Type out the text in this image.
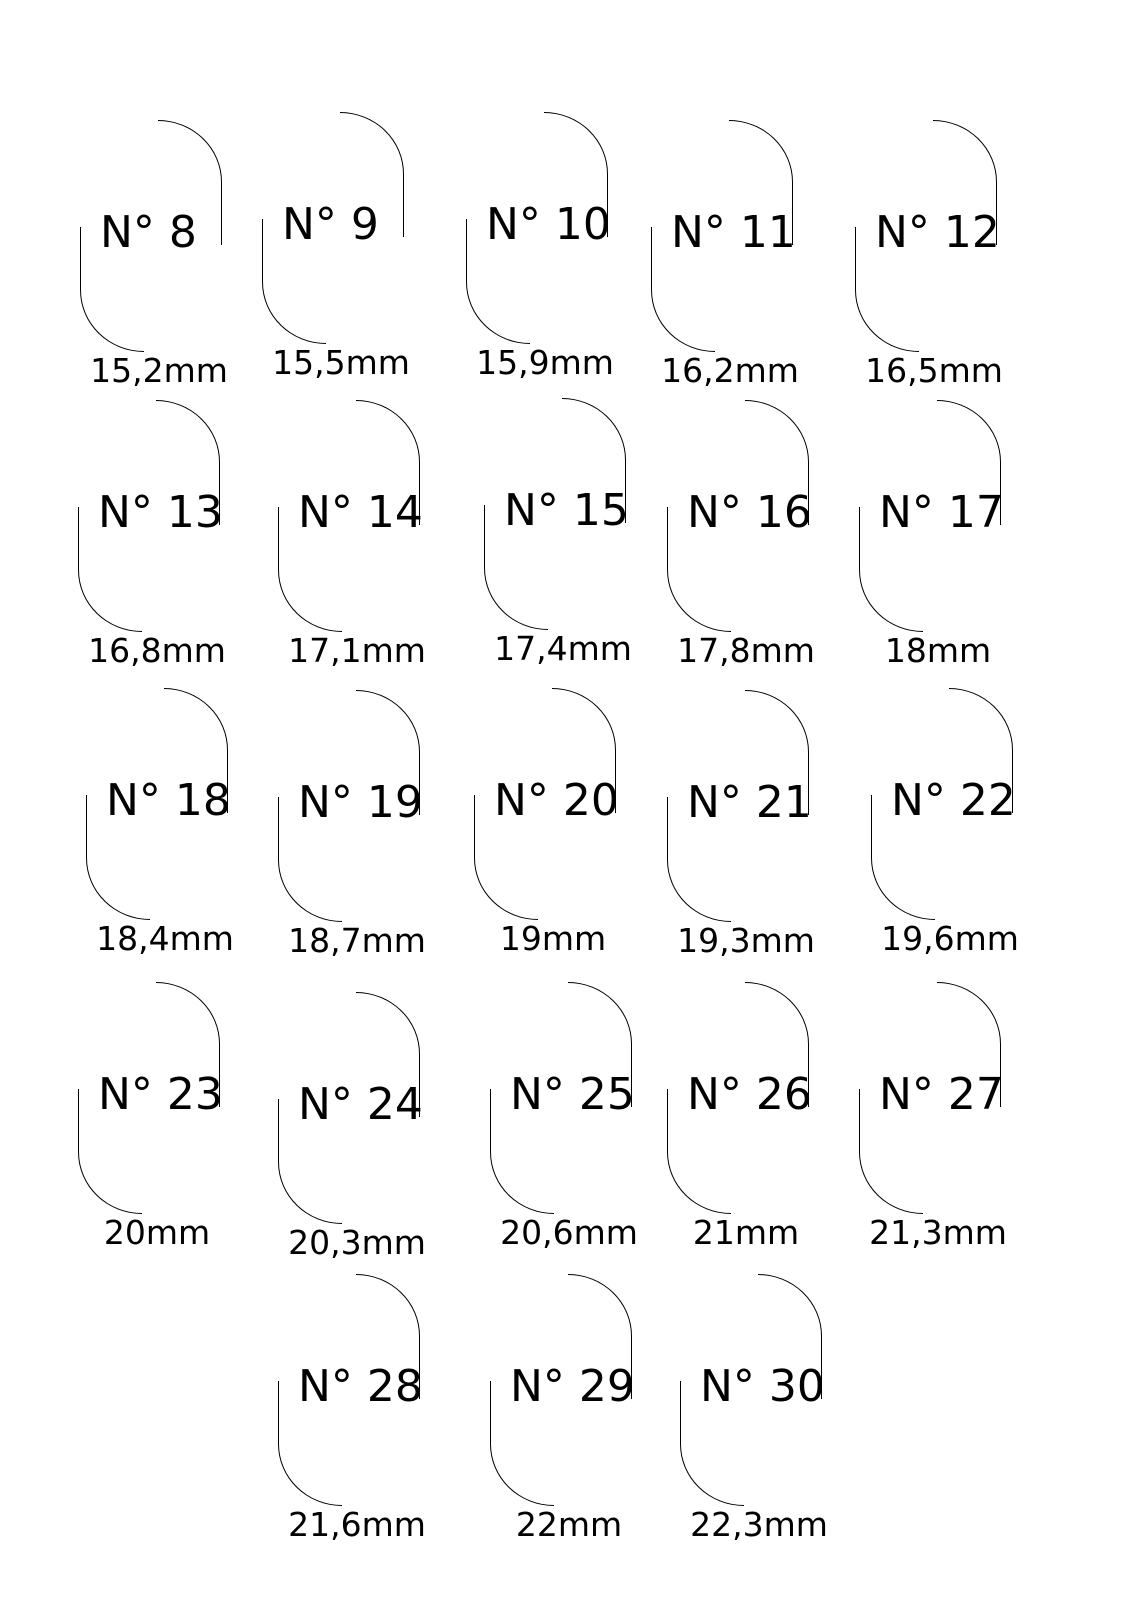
N° 8
15,2mm
N° 9
15,5mm
N° 10
15,9mm
N° 11
16,2mm
N° 12
16,5mm
N° 13
16,8mm
N° 14
17,1mm
N° 15
17,4mm
N° 16
17,8mm
N° 17
18mm
N° 18
18,4mm
N° 19
18,7mm
N° 20
19mm
N° 21
19,3mm
N° 22
19,6mm
N° 23
20mm
N° 24
20,3mm
N° 25
20,6mm
N° 26
21mm
N° 27
21,3mm
N° 28
21,6mm
N° 29
22mm
N° 30
22,3mm
